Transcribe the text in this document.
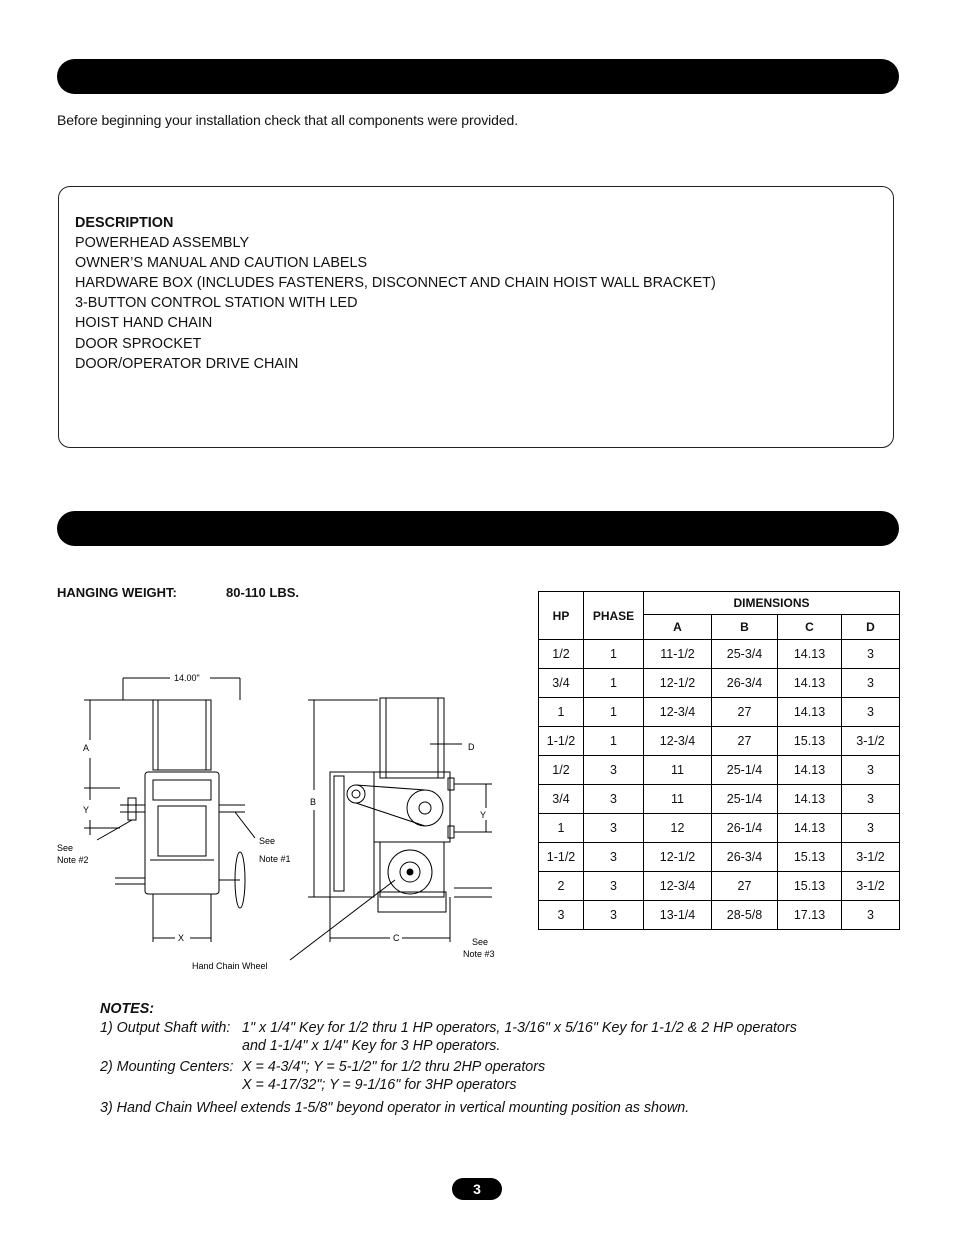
Before beginning your installation check that all components were provided.
DESCRIPTION
POWERHEAD ASSEMBLY
OWNER’S MANUAL AND CAUTION LABELS
HARDWARE BOX (INCLUDES FASTENERS, DISCONNECT AND CHAIN HOIST WALL BRACKET)
3-BUTTON CONTROL STATION WITH LED
HOIST HAND CHAIN
DOOR SPROCKET
DOOR/OPERATOR DRIVE CHAIN
HANGING WEIGHT:	80-110 LBS.
HP	PHASE	DIMENSIONS			
		A	B	C	D
1/2	1	11-1/2	25-3/4	14.13	3
3/4	1	12-1/2	26-3/4	14.13	3
1	1	12-3/4	27	14.13	3
1-1/2	1	12-3/4	27	15.13	3-1/2
1/2	3	11	25-1/4	14.13	3
3/4	3	11	25-1/4	14.13	3
1	3	12	26-1/4	14.13	3
1-1/2	3	12-1/2	26-3/4	15.13	3-1/2
2	3	12-3/4	27	15.13	3-1/2
3	3	13-1/4	28-5/8	17.13	3
14.00"
A
Y
X
See
Note #2
See
Note #1
D
B
Y
C
Hand Chain Wheel
See
Note #3
NOTES:
1) Output Shaft with: 1" x 1/4" Key for 1/2 thru 1 HP operators, 1-3/16" x 5/16" Key for 1-1/2 & 2 HP operators
and 1-1/4" x 1/4" Key for 3 HP operators.
2) Mounting Centers: X = 4-3/4"; Y = 5-1/2" for 1/2 thru 2HP operators
X = 4-17/32"; Y = 9-1/16" for 3HP operators
3) Hand Chain Wheel extends 1-5/8" beyond operator in vertical mounting position as shown.
3
